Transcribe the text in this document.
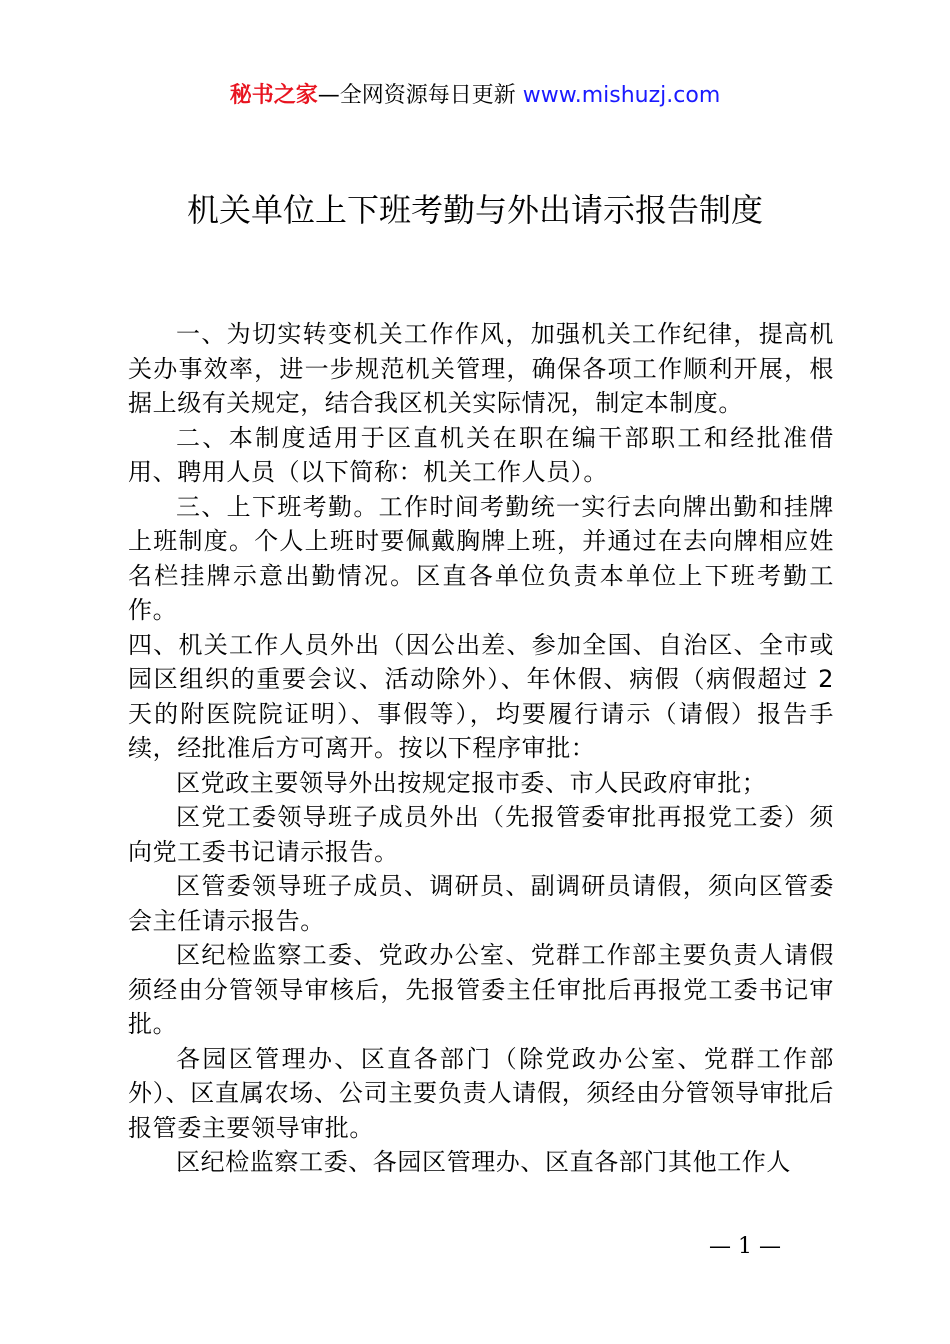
秘书之家—全网资源每日更新 www.mishuzj.com
机关单位上下班考勤与外出请示报告制度

一、为切实转变机关工作作风，加强机关工作纪律，提高机关办事效率，进一步规范机关管理，确保各项工作顺利开展，根据上级有关规定，结合我区机关实际情况，制定本制度。

二、本制度适用于区直机关在职在编干部职工和经批准借用、聘用人员（以下简称：机关工作人员）。

三、上下班考勤。工作时间考勤统一实行去向牌出勤和挂牌上班制度。个人上班时要佩戴胸牌上班，并通过在去向牌相应姓名栏挂牌示意出勤情况。区直各单位负责本单位上下班考勤工作。

四、机关工作人员外出（因公出差、参加全国、自治区、全市或园区组织的重要会议、活动除外）、年休假、病假（病假超过 2 天的附医院院证明）、事假等），均要履行请示（请假）报告手续，经批准后方可离开。按以下程序审批：

区党政主要领导外出按规定报市委、市人民政府审批；

区党工委领导班子成员外出（先报管委审批再报党工委）须向党工委书记请示报告。

区管委领导班子成员、调研员、副调研员请假，须向区管委会主任请示报告。

区纪检监察工委、党政办公室、党群工作部主要负责人请假须经由分管领导审核后，先报管委主任审批后再报党工委书记审批。

各园区管理办、区直各部门（除党政办公室、党群工作部外）、区直属农场、公司主要负责人请假，须经由分管领导审批后报管委主要领导审批。

区纪检监察工委、各园区管理办、区直各部门其他工作人

— 1 —
